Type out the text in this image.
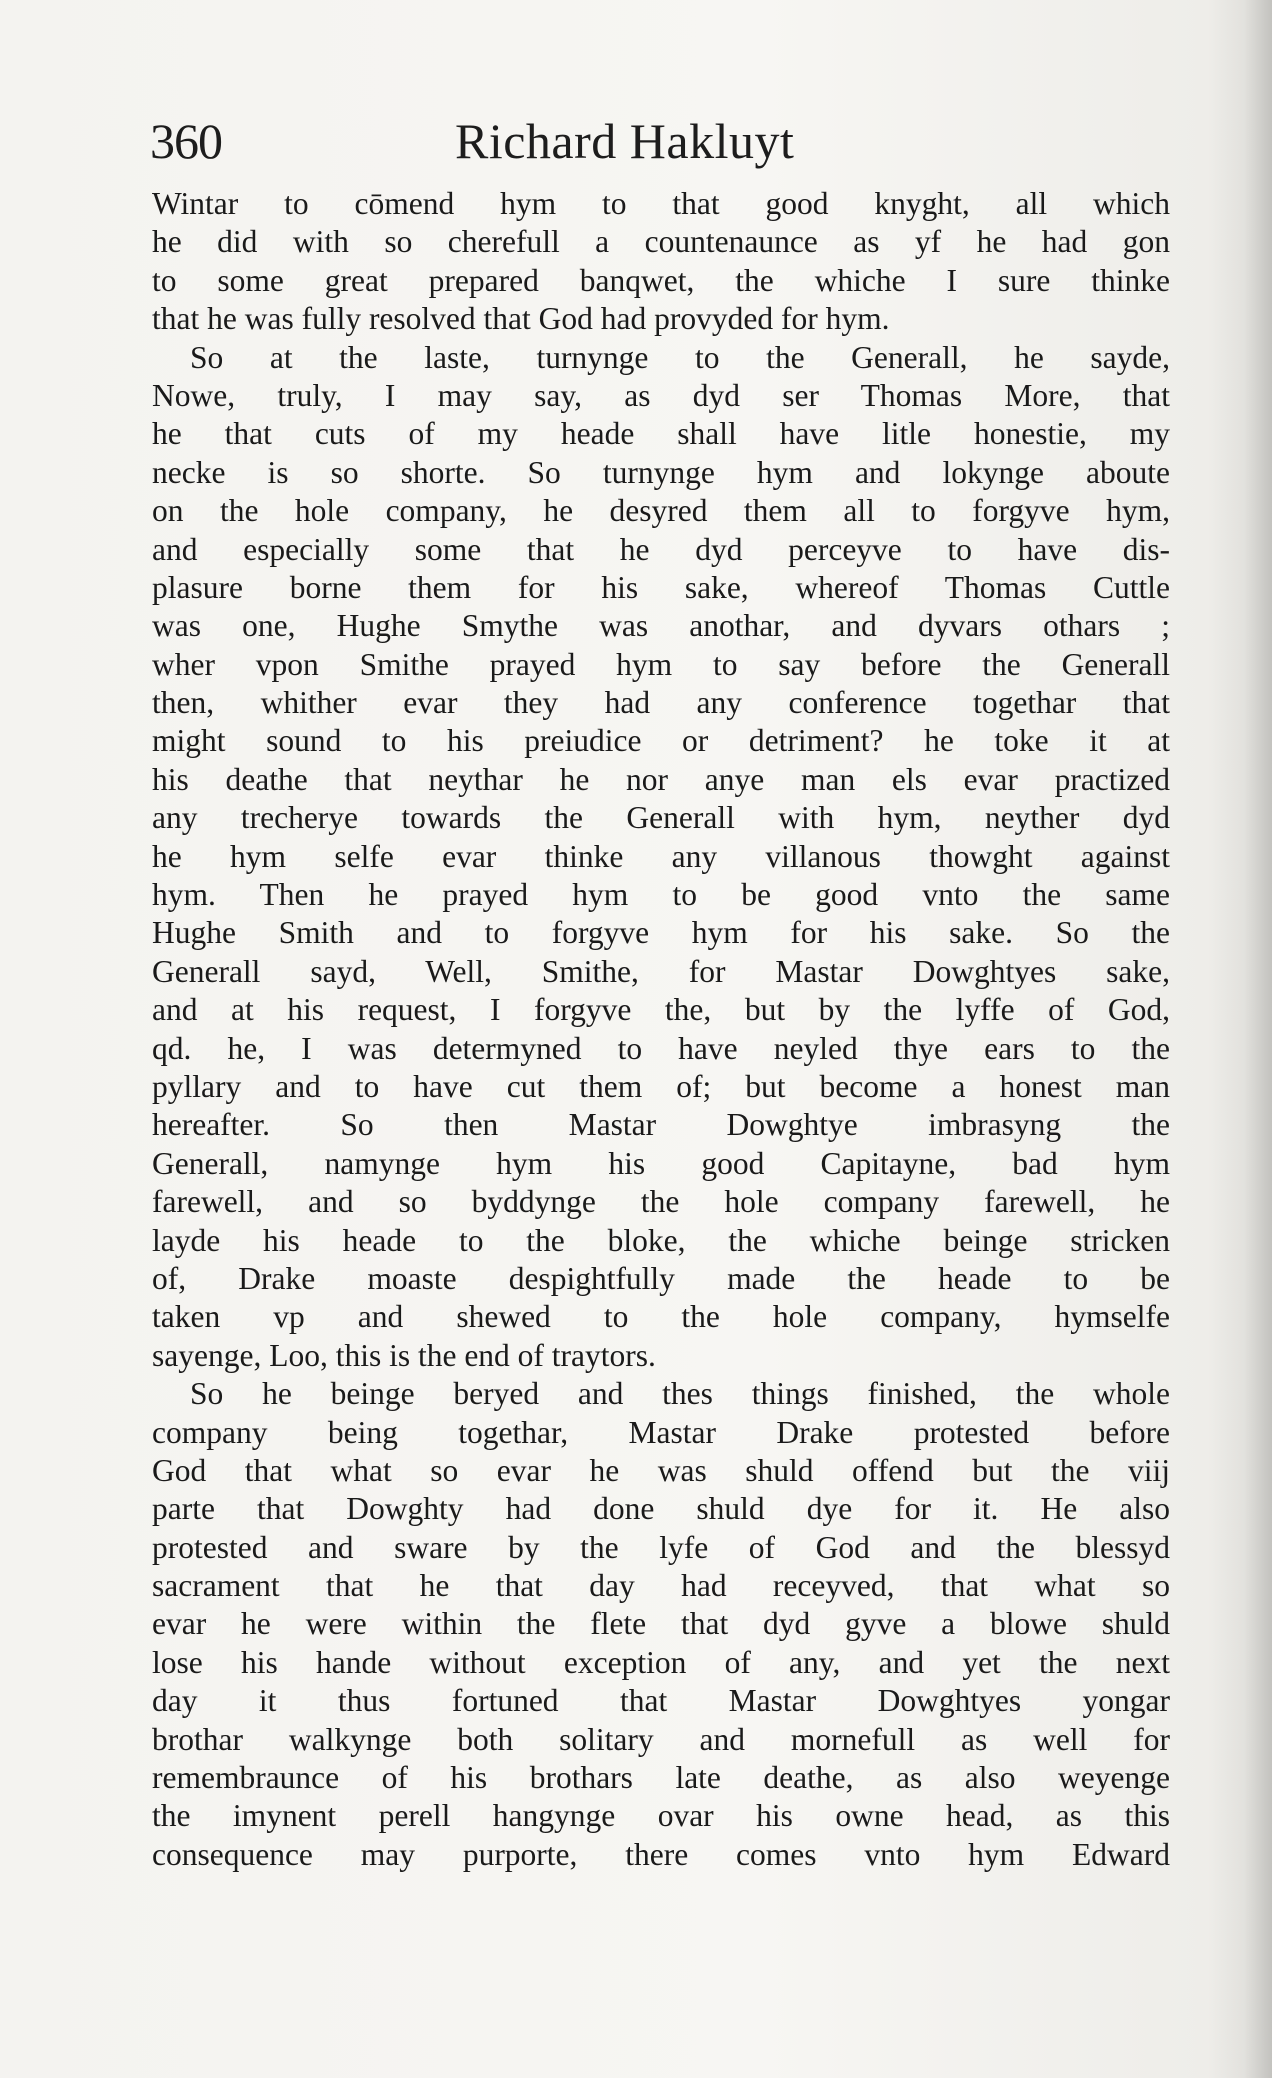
360	Richard Hakluyt
Wintar to cōmend hym to that good knyght, all which
he did with so cherefull a countenaunce as yf he had gon
to some great prepared banqwet, the whiche I sure thinke
that he was fully resolved that God had provyded for hym.
So at the laste, turnynge to the Generall, he sayde,
Nowe, truly, I may say, as dyd ser Thomas More, that
he that cuts of my heade shall have litle honestie, my
necke is so shorte. So turnynge hym and lokynge aboute
on the hole company, he desyred them all to forgyve hym,
and especially some that he dyd perceyve to have dis-
plasure borne them for his sake, whereof Thomas Cuttle
was one, Hughe Smythe was anothar, and dyvars othars ;
wher vpon Smithe prayed hym to say before the Generall
then, whither evar they had any conference togethar that
might sound to his preiudice or detriment? he toke it at
his deathe that neythar he nor anye man els evar practized
any trecherye towards the Generall with hym, neyther dyd
he hym selfe evar thinke any villanous thowght against
hym. Then he prayed hym to be good vnto the same
Hughe Smith and to forgyve hym for his sake. So the
Generall sayd, Well, Smithe, for Mastar Dowghtyes sake,
and at his request, I forgyve the, but by the lyffe of God,
qd. he, I was determyned to have neyled thye ears to the
pyllary and to have cut them of; but become a honest man
hereafter. So then Mastar Dowghtye imbrasyng the
Generall, namynge hym his good Capitayne, bad hym
farewell, and so byddynge the hole company farewell, he
layde his heade to the bloke, the whiche beinge stricken
of, Drake moaste despightfully made the heade to be
taken vp and shewed to the hole company, hymselfe
sayenge, Loo, this is the end of traytors.
So he beinge beryed and thes things finished, the whole
company being togethar, Mastar Drake protested before
God that what so evar he was shuld offend but the viij
parte that Dowghty had done shuld dye for it. He also
protested and sware by the lyfe of God and the blessyd
sacrament that he that day had receyved, that what so
evar he were within the flete that dyd gyve a blowe shuld
lose his hande without exception of any, and yet the next
day it thus fortuned that Mastar Dowghtyes yongar
brothar walkynge both solitary and mornefull as well for
remembraunce of his brothars late deathe, as also weyenge
the imynent perell hangynge ovar his owne head, as this
consequence may purporte, there comes vnto hym Edward
